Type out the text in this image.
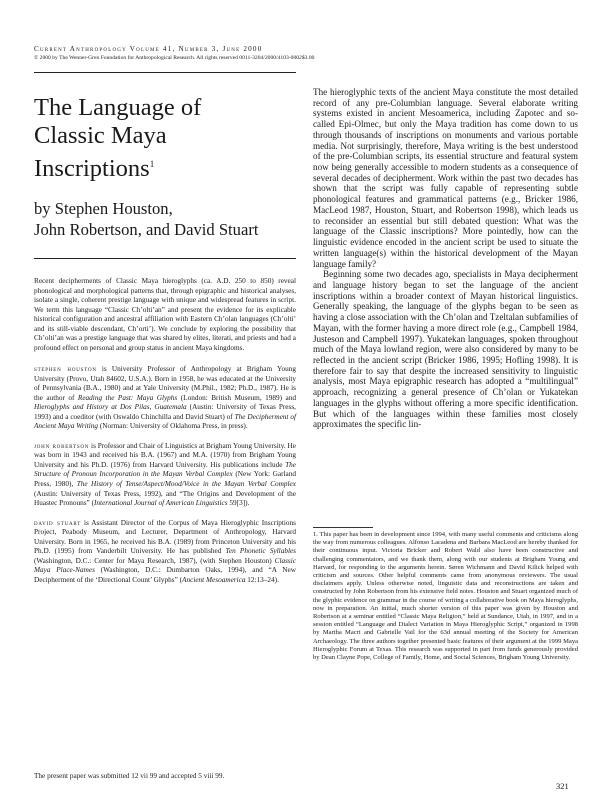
Current Anthropology Volume 41, Number 3, June 2000
© 2000 by The Wenner-Gren Foundation for Anthropological Research. All rights reserved 0011-3204/2000/4103-0002$3.00
The Language of
Classic Maya
Inscriptions$^1$
by Stephen Houston,
John Robertson, and David Stuart
Recent decipherments of Classic Maya hieroglyphs (ca. A.D. 250 to 850) reveal phonological and morphological patterns that, through epigraphic and historical analyses, isolate a single, coherent prestige language with unique and widespread features in script. We term this language “Classic Ch’olti’an” and present the evidence for its explicable historical configuration and ancestral affiliation with Eastern Ch’olan languages (Ch’olti’ and its still-viable descendant, Ch’orti’). We conclude by exploring the possibility that Ch’olti’an was a prestige language that was shared by elites, literati, and priests and had a profound effect on personal and group status in ancient Maya kingdoms.

stephen houston is University Professor of Anthropology at Brigham Young University (Provo, Utah 84602, U.S.A.). Born in 1958, he was educated at the University of Pennsylvania (B.A., 1980) and at Yale University (M.Phil., 1982; Ph.D., 1987). He is the author of Reading the Past: Maya Glyphs (London: British Museum, 1989) and Hieroglyphs and History at Dos Pilas, Guatemala (Austin: University of Texas Press, 1993) and a coeditor (with Oswaldo Chinchilla and David Stuart) of The Decipherment of Ancient Maya Writing (Norman: University of Oklahoma Press, in press).

john robertson is Professor and Chair of Linguistics at Brigham Young University. He was born in 1943 and received his B.A. (1967) and M.A. (1970) from Brigham Young University and his Ph.D. (1976) from Harvard University. His publications include The Structure of Pronoun Incorporation in the Mayan Verbal Complex (New York: Garland Press, 1980), The History of Tense/Aspect/Mood/Voice in the Mayan Verbal Complex (Austin: University of Texas Press, 1992), and “The Origins and Development of the Huastec Pronouns” (International Journal of American Linguistics 59[3]).

david stuart is Assistant Director of the Corpus of Maya Hieroglyphic Inscriptions Project, Peabody Museum, and Lecturer, Department of Anthropology, Harvard University. Born in 1965, he received his B.A. (1989) from Princeton University and his Ph.D. (1995) from Vanderbilt University. He has published Ten Phonetic Syllables (Washington, D.C.: Center for Maya Research, 1987), (with Stephen Houston) Classic Maya Place-Names (Washington, D.C.: Dumbarton Oaks, 1994), and “A New Decipherment of the ‘Directional Count’ Glyphs” (Ancient Mesoamerica 12:13–24).

The present paper was submitted 12 vii 99 and accepted 5 viii 99.

The hieroglyphic texts of the ancient Maya constitute the most detailed record of any pre-Columbian language. Several elaborate writing systems existed in ancient Mesoamerica, including Zapotec and so-called Epi-Olmec, but only the Maya tradition has come down to us through thousands of inscriptions on monuments and various portable media. Not surprisingly, therefore, Maya writing is the best understood of the pre-Columbian scripts, its essential structure and featural system now being generally accessible to modern students as a consequence of several decades of decipherment. Work within the past two decades has shown that the script was fully capable of representing subtle phonological features and grammatical patterns (e.g., Bricker 1986, MacLeod 1987, Houston, Stuart, and Robertson 1998), which leads us to reconsider an essential but still debated question: What was the language of the Classic inscriptions? More pointedly, how can the linguistic evidence encoded in the ancient script be used to situate the written language(s) within the historical development of the Mayan language family?

Beginning some two decades ago, specialists in Maya decipherment and language history began to set the language of the ancient inscriptions within a broader context of Mayan historical linguistics. Generally speaking, the language of the glyphs began to be seen as having a close association with the Ch’olan and Tzeltalan subfamilies of Mayan, with the former having a more direct role (e.g., Campbell 1984, Justeson and Campbell 1997). Yukatekan languages, spoken throughout much of the Maya lowland region, were also considered by many to be reflected in the ancient script (Bricker 1986, 1995; Hofling 1998). It is therefore fair to say that despite the increased sensitivity to linguistic analysis, most Maya epigraphic research has adopted a “multilingual” approach, recognizing a general presence of Ch’olan or Yukatekan languages in the glyphs without offering a more specific identification. But which of the languages within these families most closely approximates the specific lin-

1. This paper has been in development since 1994, with many useful comments and criticisms along the way from numerous colleagues. Alfonso Lacadena and Barbara MacLeod are hereby thanked for their continuous input. Victoria Bricker and Robert Wald also have been constructive and challenging commentators, and we thank them, along with our students at Brigham Young and Harvard, for responding to the arguments herein. Søren Wichmann and David Kilick helped with criticism and sources. Other helpful comments came from anonymous reviewers. The usual disclaimers apply. Unless otherwise noted, linguistic data and reconstructions are taken and constructed by John Robertson from his extensive field notes. Houston and Stuart organized much of the glyphic evidence on grammar in the course of writing a collaborative book on Maya hieroglyphs, now in preparation. An initial, much shorter version of this paper was given by Houston and Robertson at a seminar entitled “Classic Maya Religion,” held at Sundance, Utah, in 1997, and in a session entitled “Language and Dialect Variation in Maya Hieroglyphic Script,” organized in 1998 by Martha Macri and Gabrielle Vail for the 63d annual meeting of the Society for American Archaeology. The three authors together presented basic features of their argument at the 1999 Maya Hieroglyphic Forum at Texas. This research was supported in part from funds generously provided by Dean Clayne Pope, College of Family, Home, and Social Sciences, Brigham Young University.
321
